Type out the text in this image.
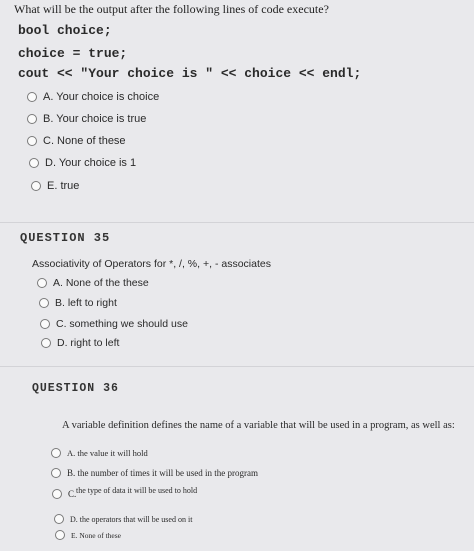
What will be the output after the following lines of code execute?
bool choice;
choice = true;
cout << "Your choice is " << choice << endl;
A. Your choice is choice
B. Your choice is true
C. None of these
D. Your choice is 1
E. true
QUESTION 35
Associativity of Operators for *, /, %, +, - associates
A. None of the these
B. left to right
C. something we should use
D. right to left
QUESTION 36
A variable definition defines the name of a variable that will be used in a program, as well as:
A. the value it will hold
B. the number of times it will be used in the program
C. the type of data it will be used to hold
D. the operators that will be used on it
E. None of these
